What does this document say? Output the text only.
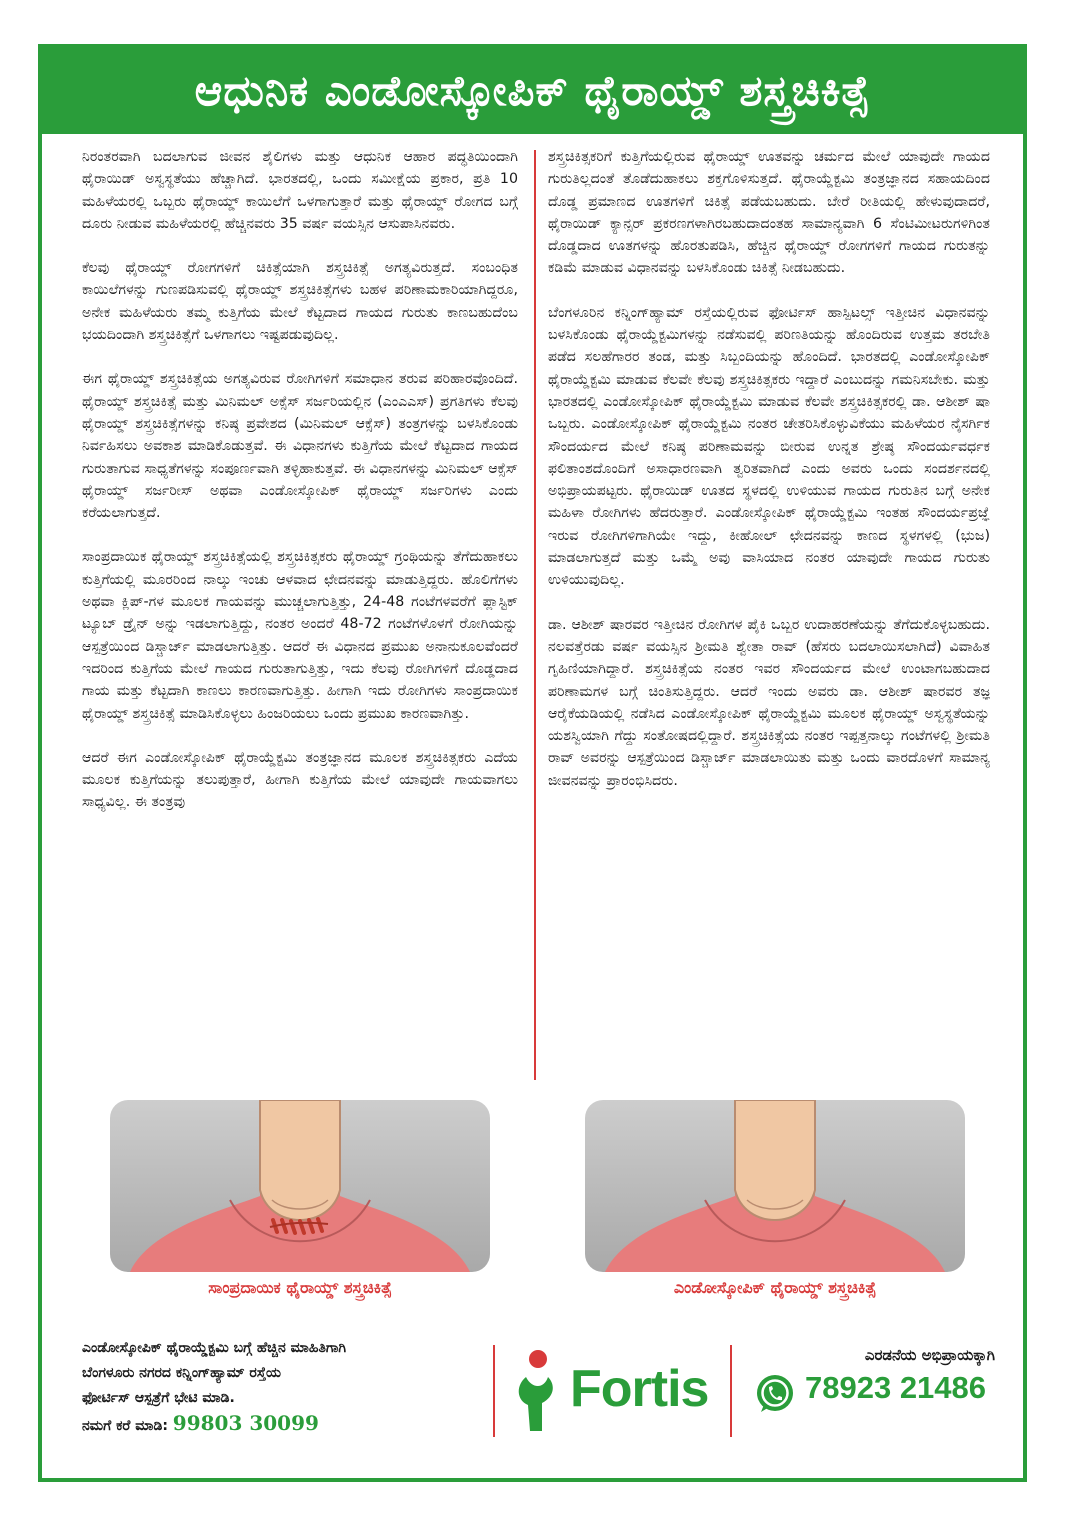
ಆಧುನಿಕ ಎಂಡೋಸ್ಕೋಪಿಕ್ ಥೈರಾಯ್ಡ್ ಶಸ್ತ್ರಚಿಕಿತ್ಸೆ

ನಿರಂತರವಾಗಿ ಬದಲಾಗುವ ಜೀವನ ಶೈಲಿಗಳು ಮತ್ತು ಆಧುನಿಕ ಆಹಾರ ಪದ್ಧತಿಯಿಂದಾಗಿ ಥೈರಾಯಿಡ್ ಅಸ್ವಸ್ಥತೆಯು ಹೆಚ್ಚಾಗಿದೆ. ಭಾರತದಲ್ಲಿ, ಒಂದು ಸಮೀಕ್ಷೆಯ ಪ್ರಕಾರ, ಪ್ರತಿ 10 ಮಹಿಳೆಯರಲ್ಲಿ ಒಬ್ಬರು ಥೈರಾಯ್ಡ್ ಕಾಯಿಲೆಗೆ ಒಳಗಾಗುತ್ತಾರೆ ಮತ್ತು ಥೈರಾಯ್ಡ್ ರೋಗದ ಬಗ್ಗೆ ದೂರು ನೀಡುವ ಮಹಿಳೆಯರಲ್ಲಿ ಹೆಚ್ಚಿನವರು 35 ವರ್ಷ ವಯಸ್ಸಿನ ಆಸುಪಾಸಿನವರು.

ಕೆಲವು ಥೈರಾಯ್ಡ್ ರೋಗಗಳಿಗೆ ಚಿಕಿತ್ಸೆಯಾಗಿ ಶಸ್ತ್ರಚಿಕಿತ್ಸೆ ಅಗತ್ಯವಿರುತ್ತದೆ. ಸಂಬಂಧಿತ ಕಾಯಿಲೆಗಳನ್ನು ಗುಣಪಡಿಸುವಲ್ಲಿ ಥೈರಾಯ್ಡ್ ಶಸ್ತ್ರಚಿಕಿತ್ಸೆಗಳು ಬಹಳ ಪರಿಣಾಮಕಾರಿಯಾಗಿದ್ದರೂ, ಅನೇಕ ಮಹಿಳೆಯರು ತಮ್ಮ ಕುತ್ತಿಗೆಯ ಮೇಲೆ ಕೆಟ್ಟದಾದ ಗಾಯದ ಗುರುತು ಕಾಣಬಹುದೆಂಬ ಭಯದಿಂದಾಗಿ ಶಸ್ತ್ರಚಿಕಿತ್ಸೆಗೆ ಒಳಗಾಗಲು ಇಷ್ಟಪಡುವುದಿಲ್ಲ.

ಈಗ ಥೈರಾಯ್ಡ್ ಶಸ್ತ್ರಚಿಕಿತ್ಸೆಯ ಅಗತ್ಯವಿರುವ ರೋಗಿಗಳಿಗೆ ಸಮಾಧಾನ ತರುವ ಪರಿಹಾರವೊಂದಿದೆ. ಥೈರಾಯ್ಡ್ ಶಸ್ತ್ರಚಿಕಿತ್ಸೆ ಮತ್ತು ಮಿನಿಮಲ್ ಅಕ್ಸೆಸ್ ಸರ್ಜರಿಯಲ್ಲಿನ (ಎಂಎಎಸ್) ಪ್ರಗತಿಗಳು ಕೆಲವು ಥೈರಾಯ್ಡ್ ಶಸ್ತ್ರಚಿಕಿತ್ಸೆಗಳನ್ನು ಕನಿಷ್ಠ ಪ್ರವೇಶದ (ಮಿನಿಮಲ್ ಆಕ್ಸೆಸ್) ತಂತ್ರಗಳನ್ನು ಬಳಸಿಕೊಂಡು ನಿರ್ವಹಿಸಲು ಅವಕಾಶ ಮಾಡಿಕೊಡುತ್ತವೆ. ಈ ವಿಧಾನಗಳು ಕುತ್ತಿಗೆಯ ಮೇಲೆ ಕೆಟ್ಟದಾದ ಗಾಯದ ಗುರುತಾಗುವ ಸಾಧ್ಯತೆಗಳನ್ನು ಸಂಪೂರ್ಣವಾಗಿ ತಳ್ಳಿಹಾಕುತ್ತವೆ. ಈ ವಿಧಾನಗಳನ್ನು ಮಿನಿಮಲ್ ಆಕ್ಸೆಸ್ ಥೈರಾಯ್ಡ್ ಸರ್ಜರೀಸ್ ಅಥವಾ ಎಂಡೋಸ್ಕೋಪಿಕ್ ಥೈರಾಯ್ಡ್ ಸರ್ಜರಿಗಳು ಎಂದು ಕರೆಯಲಾಗುತ್ತದೆ.

ಸಾಂಪ್ರದಾಯಿಕ ಥೈರಾಯ್ಡ್ ಶಸ್ತ್ರಚಿಕಿತ್ಸೆಯಲ್ಲಿ ಶಸ್ತ್ರಚಿಕಿತ್ಸಕರು ಥೈರಾಯ್ಡ್ ಗ್ರಂಥಿಯನ್ನು ತೆಗೆದುಹಾಕಲು ಕುತ್ತಿಗೆಯಲ್ಲಿ ಮೂರರಿಂದ ನಾಲ್ಕು ಇಂಚು ಆಳವಾದ ಛೇದನವನ್ನು ಮಾಡುತ್ತಿದ್ದರು. ಹೊಲಿಗೆಗಳು ಅಥವಾ ಕ್ಲಿಪ್-ಗಳ ಮೂಲಕ ಗಾಯವನ್ನು ಮುಚ್ಚಲಾಗುತ್ತಿತ್ತು, 24-48 ಗಂಟೆಗಳವರೆಗೆ ಪ್ಲಾಸ್ಟಿಕ್ ಟ್ಯೂಬ್ ಡ್ರೈನ್ ಅನ್ನು ಇಡಲಾಗುತ್ತಿದ್ದು, ನಂತರ ಅಂದರೆ 48-72 ಗಂಟೆಗಳೊಳಗೆ ರೋಗಿಯನ್ನು ಆಸ್ಪತ್ರೆಯಿಂದ ಡಿಸ್ಚಾರ್ಜ್ ಮಾಡಲಾಗುತ್ತಿತ್ತು. ಆದರೆ ಈ ವಿಧಾನದ ಪ್ರಮುಖ ಅನಾನುಕೂಲವೆಂದರೆ ಇದರಿಂದ ಕುತ್ತಿಗೆಯ ಮೇಲೆ ಗಾಯದ ಗುರುತಾಗುತ್ತಿತ್ತು, ಇದು ಕೆಲವು ರೋಗಿಗಳಿಗೆ ದೊಡ್ಡದಾದ ಗಾಯ ಮತ್ತು ಕೆಟ್ಟದಾಗಿ ಕಾಣಲು ಕಾರಣವಾಗುತ್ತಿತ್ತು. ಹೀಗಾಗಿ ಇದು ರೋಗಿಗಳು ಸಾಂಪ್ರದಾಯಿಕ ಥೈರಾಯ್ಡ್ ಶಸ್ತ್ರಚಿಕಿತ್ಸೆ ಮಾಡಿಸಿಕೊಳ್ಳಲು ಹಿಂಜರಿಯಲು ಒಂದು ಪ್ರಮುಖ ಕಾರಣವಾಗಿತ್ತು.

ಆದರೆ ಈಗ ಎಂಡೋಸ್ಕೋಪಿಕ್ ಥೈರಾಯ್ಡೆಕ್ಟಮಿ ತಂತ್ರಜ್ಞಾನದ ಮೂಲಕ ಶಸ್ತ್ರಚಿಕಿತ್ಸಕರು ಎದೆಯ ಮೂಲಕ ಕುತ್ತಿಗೆಯನ್ನು ತಲುಪುತ್ತಾರೆ, ಹೀಗಾಗಿ ಕುತ್ತಿಗೆಯ ಮೇಲೆ ಯಾವುದೇ ಗಾಯವಾಗಲು ಸಾಧ್ಯವಿಲ್ಲ. ಈ ತಂತ್ರವು

ಶಸ್ತ್ರಚಿಕಿತ್ಸಕರಿಗೆ ಕುತ್ತಿಗೆಯಲ್ಲಿರುವ ಥೈರಾಯ್ಡ್ ಊತವನ್ನು ಚರ್ಮದ ಮೇಲೆ ಯಾವುದೇ ಗಾಯದ ಗುರುತಿಲ್ಲದಂತೆ ತೊಡೆದುಹಾಕಲು ಶಕ್ತಗೊಳಿಸುತ್ತದೆ. ಥೈರಾಯ್ಡೆಕ್ಟಮಿ ತಂತ್ರಜ್ಞಾನದ ಸಹಾಯದಿಂದ ದೊಡ್ಡ ಪ್ರಮಾಣದ ಊತಗಳಿಗೆ ಚಿಕಿತ್ಸೆ ಪಡೆಯಬಹುದು. ಬೇರೆ ರೀತಿಯಲ್ಲಿ ಹೇಳುವುದಾದರೆ, ಥೈರಾಯಿಡ್ ಕ್ಯಾನ್ಸರ್ ಪ್ರಕರಣಗಳಾಗಿರಬಹುದಾದಂತಹ ಸಾಮಾನ್ಯವಾಗಿ 6 ಸೆಂಟಿಮೀಟರುಗಳಿಗಿಂತ ದೊಡ್ಡದಾದ ಊತಗಳನ್ನು ಹೊರತುಪಡಿಸಿ, ಹೆಚ್ಚಿನ ಥೈರಾಯ್ಡ್ ರೋಗಗಳಿಗೆ ಗಾಯದ ಗುರುತನ್ನು ಕಡಿಮೆ ಮಾಡುವ ವಿಧಾನವನ್ನು ಬಳಸಿಕೊಂಡು ಚಿಕಿತ್ಸೆ ನೀಡಬಹುದು.

ಬೆಂಗಳೂರಿನ ಕನ್ನಿಂಗ್‌ಹ್ಯಾಮ್ ರಸ್ತೆಯಲ್ಲಿರುವ ಫೋರ್ಟಿಸ್ ಹಾಸ್ಪಿಟಲ್ಸ್ ಇತ್ತೀಚಿನ ವಿಧಾನವನ್ನು ಬಳಸಿಕೊಂಡು ಥೈರಾಯ್ಡೆಕ್ಟಮಿಗಳನ್ನು ನಡೆಸುವಲ್ಲಿ ಪರಿಣತಿಯನ್ನು ಹೊಂದಿರುವ ಉತ್ತಮ ತರಬೇತಿ ಪಡೆದ ಸಲಹೆಗಾರರ ತಂಡ, ಮತ್ತು ಸಿಬ್ಬಂದಿಯನ್ನು ಹೊಂದಿದೆ. ಭಾರತದಲ್ಲಿ ಎಂಡೋಸ್ಕೋಪಿಕ್ ಥೈರಾಯ್ಡೆಕ್ಟಮಿ ಮಾಡುವ ಕೆಲವೇ ಕೆಲವು ಶಸ್ತ್ರಚಿಕಿತ್ಸಕರು ಇದ್ದಾರೆ ಎಂಬುದನ್ನು ಗಮನಿಸಬೇಕು. ಮತ್ತು ಭಾರತದಲ್ಲಿ ಎಂಡೋಸ್ಕೋಪಿಕ್ ಥೈರಾಯ್ಡೆಕ್ಟಮಿ ಮಾಡುವ ಕೆಲವೇ ಶಸ್ತ್ರಚಿಕಿತ್ಸಕರಲ್ಲಿ ಡಾ. ಆಶೀಶ್ ಷಾ ಒಬ್ಬರು. ಎಂಡೋಸ್ಕೋಪಿಕ್ ಥೈರಾಯ್ಡೆಕ್ಟಮಿ ನಂತರ ಚೇತರಿಸಿಕೊಳ್ಳುವಿಕೆಯು ಮಹಿಳೆಯರ ನೈಸರ್ಗಿಕ ಸೌಂದರ್ಯದ ಮೇಲೆ ಕನಿಷ್ಠ ಪರಿಣಾಮವನ್ನು ಬೀರುವ ಉನ್ನತ ಶ್ರೇಷ್ಠ ಸೌಂದರ್ಯವರ್ಧಕ ಫಲಿತಾಂಶದೊಂದಿಗೆ ಅಸಾಧಾರಣವಾಗಿ ತ್ವರಿತವಾಗಿದೆ ಎಂದು ಅವರು ಒಂದು ಸಂದರ್ಶನದಲ್ಲಿ ಅಭಿಪ್ರಾಯಪಟ್ಟರು. ಥೈರಾಯಿಡ್ ಊತದ ಸ್ಥಳದಲ್ಲಿ ಉಳಿಯುವ ಗಾಯದ ಗುರುತಿನ ಬಗ್ಗೆ ಅನೇಕ ಮಹಿಳಾ ರೋಗಿಗಳು ಹೆದರುತ್ತಾರೆ. ಎಂಡೋಸ್ಕೋಪಿಕ್ ಥೈರಾಯ್ಡೆಕ್ಟಮಿ ಇಂತಹ ಸೌಂದರ್ಯಪ್ರಜ್ಞೆ ಇರುವ ರೋಗಿಗಳಿಗಾಗಿಯೇ ಇದ್ದು, ಕೀಹೋಲ್ ಛೇದನವನ್ನು ಕಾಣದ ಸ್ಥಳಗಳಲ್ಲಿ (ಭುಜ) ಮಾಡಲಾಗುತ್ತದೆ ಮತ್ತು ಒಮ್ಮೆ ಅವು ವಾಸಿಯಾದ ನಂತರ ಯಾವುದೇ ಗಾಯದ ಗುರುತು ಉಳಿಯುವುದಿಲ್ಲ.

ಡಾ. ಆಶೀಶ್ ಷಾರವರ ಇತ್ತೀಚಿನ ರೋಗಿಗಳ ಪೈಕಿ ಒಬ್ಬರ ಉದಾಹರಣೆಯನ್ನು ತೆಗೆದುಕೊಳ್ಳಬಹುದು. ನಲವತ್ತೆರಡು ವರ್ಷ ವಯಸ್ಸಿನ ಶ್ರೀಮತಿ ಶ್ವೇತಾ ರಾವ್ (ಹೆಸರು ಬದಲಾಯಿಸಲಾಗಿದೆ) ವಿವಾಹಿತ ಗೃಹಿಣಿಯಾಗಿದ್ದಾರೆ. ಶಸ್ತ್ರಚಿಕಿತ್ಸೆಯ ನಂತರ ಇವರ ಸೌಂದರ್ಯದ ಮೇಲೆ ಉಂಟಾಗಬಹುದಾದ ಪರಿಣಾಮಗಳ ಬಗ್ಗೆ ಚಿಂತಿಸುತ್ತಿದ್ದರು. ಆದರೆ ಇಂದು ಅವರು ಡಾ. ಆಶೀಶ್ ಷಾರವರ ತಜ್ಞ ಆರೈಕೆಯಡಿಯಲ್ಲಿ ನಡೆಸಿದ ಎಂಡೋಸ್ಕೋಪಿಕ್ ಥೈರಾಯ್ಡೆಕ್ಟಮಿ ಮೂಲಕ ಥೈರಾಯ್ಡ್ ಅಸ್ವಸ್ಥತೆಯನ್ನು ಯಶಸ್ವಿಯಾಗಿ ಗೆದ್ದು ಸಂತೋಷದಲ್ಲಿದ್ದಾರೆ. ಶಸ್ತ್ರಚಿಕಿತ್ಸೆಯ ನಂತರ ಇಪ್ಪತ್ತನಾಲ್ಕು ಗಂಟೆಗಳಲ್ಲಿ ಶ್ರೀಮತಿ ರಾವ್ ಅವರನ್ನು ಆಸ್ಪತ್ರೆಯಿಂದ ಡಿಸ್ಚಾರ್ಜ್ ಮಾಡಲಾಯಿತು ಮತ್ತು ಒಂದು ವಾರದೊಳಗೆ ಸಾಮಾನ್ಯ ಜೀವನವನ್ನು ಪ್ರಾರಂಭಿಸಿದರು.

ಸಾಂಪ್ರದಾಯಿಕ ಥೈರಾಯ್ಡ್ ಶಸ್ತ್ರಚಿಕಿತ್ಸೆ	ಎಂಡೋಸ್ಕೋಪಿಕ್ ಥೈರಾಯ್ಡ್ ಶಸ್ತ್ರಚಿಕಿತ್ಸೆ
ಎಂಡೋಸ್ಕೋಪಿಕ್ ಥೈರಾಯ್ಡೆಕ್ಟಮಿ ಬಗ್ಗೆ ಹೆಚ್ಚಿನ ಮಾಹಿತಿಗಾಗಿ
ಬೆಂಗಳೂರು ನಗರದ ಕನ್ನಿಂಗ್‌ಹ್ಯಾಮ್ ರಸ್ತೆಯ
ಫೋರ್ಟಿಸ್ ಆಸ್ಪತ್ರೆಗೆ ಭೇಟಿ ಮಾಡಿ.
ನಮಗೆ ಕರೆ ಮಾಡಿ: 99803 30099
Fortis
ಎರಡನೆಯ ಅಭಿಪ್ರಾಯಕ್ಕಾಗಿ
78923 21486
